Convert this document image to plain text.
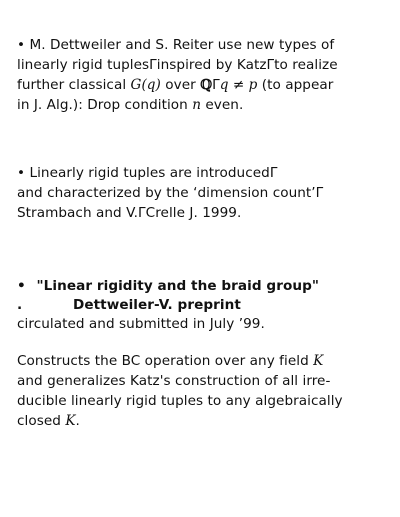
• M. Dettweiler and S. Reiter use new types of
linearly rigid tuplesΓinspired by KatzΓto realize
further classical G(q) over ℚΓq ≠ p (to appear
in J. Alg.): Drop condition n even.
• Linearly rigid tuples are introducedΓ
and characterized by the ‘dimension count’Γ
Strambach and V.ΓCrelle J. 1999.
• "Linear rigidity and the braid group"
.	Dettweiler-V. preprint
circulated and submitted in July ’99.
Constructs the BC operation over any field K
and generalizes Katz's construction of all irre-
ducible linearly rigid tuples to any algebraically
closed K.
